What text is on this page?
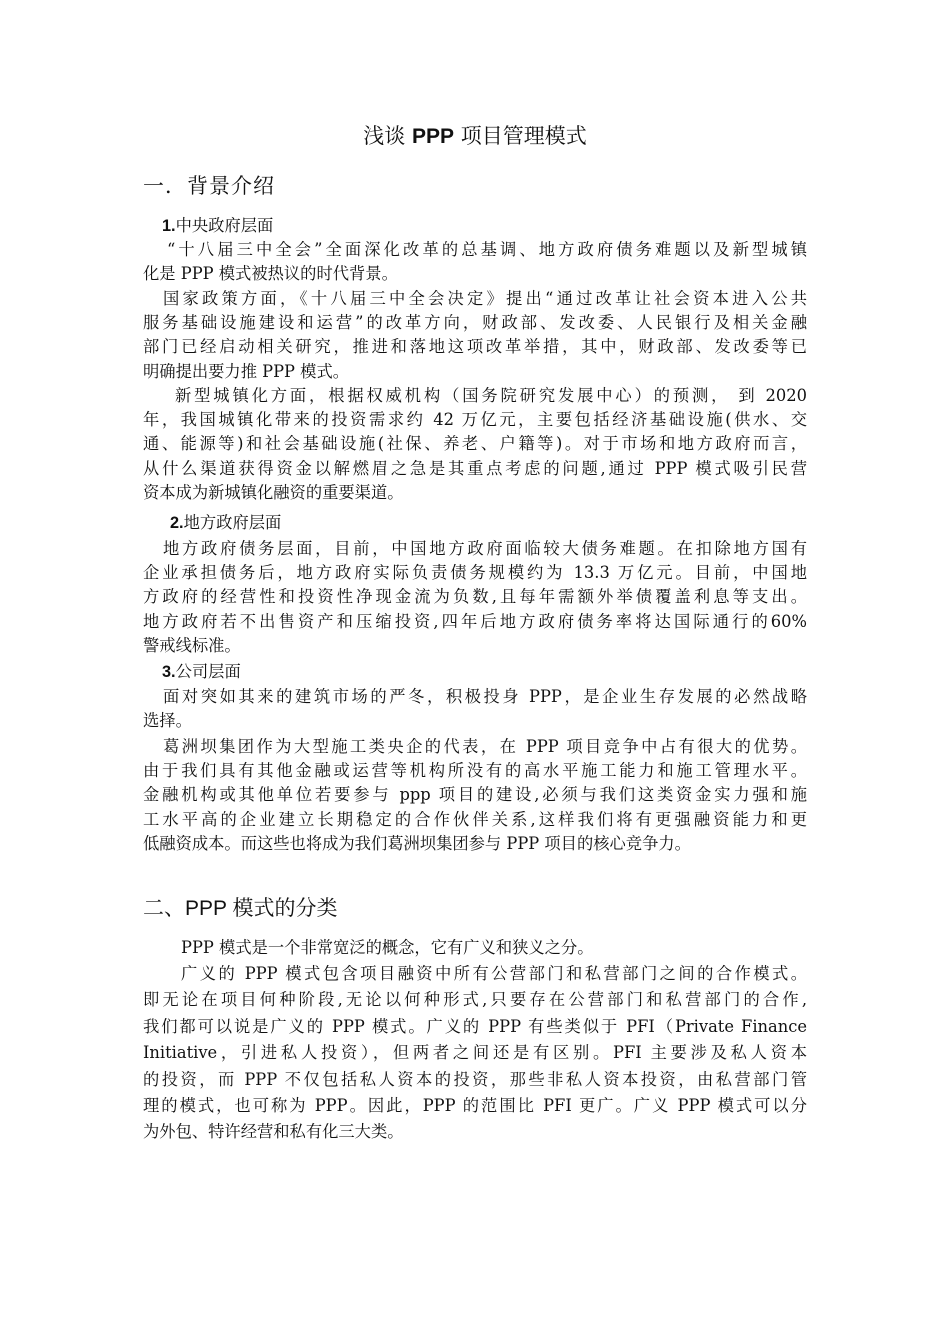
浅谈 PPP 项目管理模式
一．背景介绍
1.中央政府层面
“十八届三中全会”全面深化改革的总基调、地方政府债务难题以及新型城镇
化是 PPP 模式被热议的时代背景。
国家政策方面，《十八届三中全会决定》提出“通过改革让社会资本进入公共
服务基础设施建设和运营”的改革方向，财政部、发改委、人民银行及相关金融
部门已经启动相关研究，推进和落地这项改革举措，其中，财政部、发改委等已
明确提出要力推 PPP 模式。
新型城镇化方面，根据权威机构（国务院研究发展中心）的预测， 到 2020
年，我国城镇化带来的投资需求约 42 万亿元，主要包括经济基础设施(供水、交
通、能源等)和社会基础设施(社保、养老、户籍等)。对于市场和地方政府而言，
从什么渠道获得资金以解燃眉之急是其重点考虑的问题,通过 PPP 模式吸引民营
资本成为新城镇化融资的重要渠道。
2.地方政府层面
地方政府债务层面，目前，中国地方政府面临较大债务难题。在扣除地方国有
企业承担债务后，地方政府实际负责债务规模约为 13.3 万亿元。目前，中国地
方政府的经营性和投资性净现金流为负数,且每年需额外举债覆盖利息等支出。
地方政府若不出售资产和压缩投资,四年后地方政府债务率将达国际通行的60%
警戒线标准。
3.公司层面
面对突如其来的建筑市场的严冬，积极投身 PPP，是企业生存发展的必然战略
选择。
葛洲坝集团作为大型施工类央企的代表，在 PPP 项目竞争中占有很大的优势。
由于我们具有其他金融或运营等机构所没有的高水平施工能力和施工管理水平。
金融机构或其他单位若要参与 ppp 项目的建设,必须与我们这类资金实力强和施
工水平高的企业建立长期稳定的合作伙伴关系,这样我们将有更强融资能力和更
低融资成本。而这些也将成为我们葛洲坝集团参与 PPP 项目的核心竞争力。
二、PPP 模式的分类
PPP 模式是一个非常宽泛的概念，它有广义和狭义之分。
广义的 PPP 模式包含项目融资中所有公营部门和私营部门之间的合作模式。
即无论在项目何种阶段,无论以何种形式,只要存在公营部门和私营部门的合作,
我们都可以说是广义的 PPP 模式。广义的 PPP 有些类似于 PFI（Private Finance
Initiative，引进私人投资），但两者之间还是有区别。PFI 主要涉及私人资本
的投资，而 PPP 不仅包括私人资本的投资，那些非私人资本投资，由私营部门管
理的模式，也可称为 PPP。因此，PPP 的范围比 PFI 更广。广义 PPP 模式可以分
为外包、特许经营和私有化三大类。
